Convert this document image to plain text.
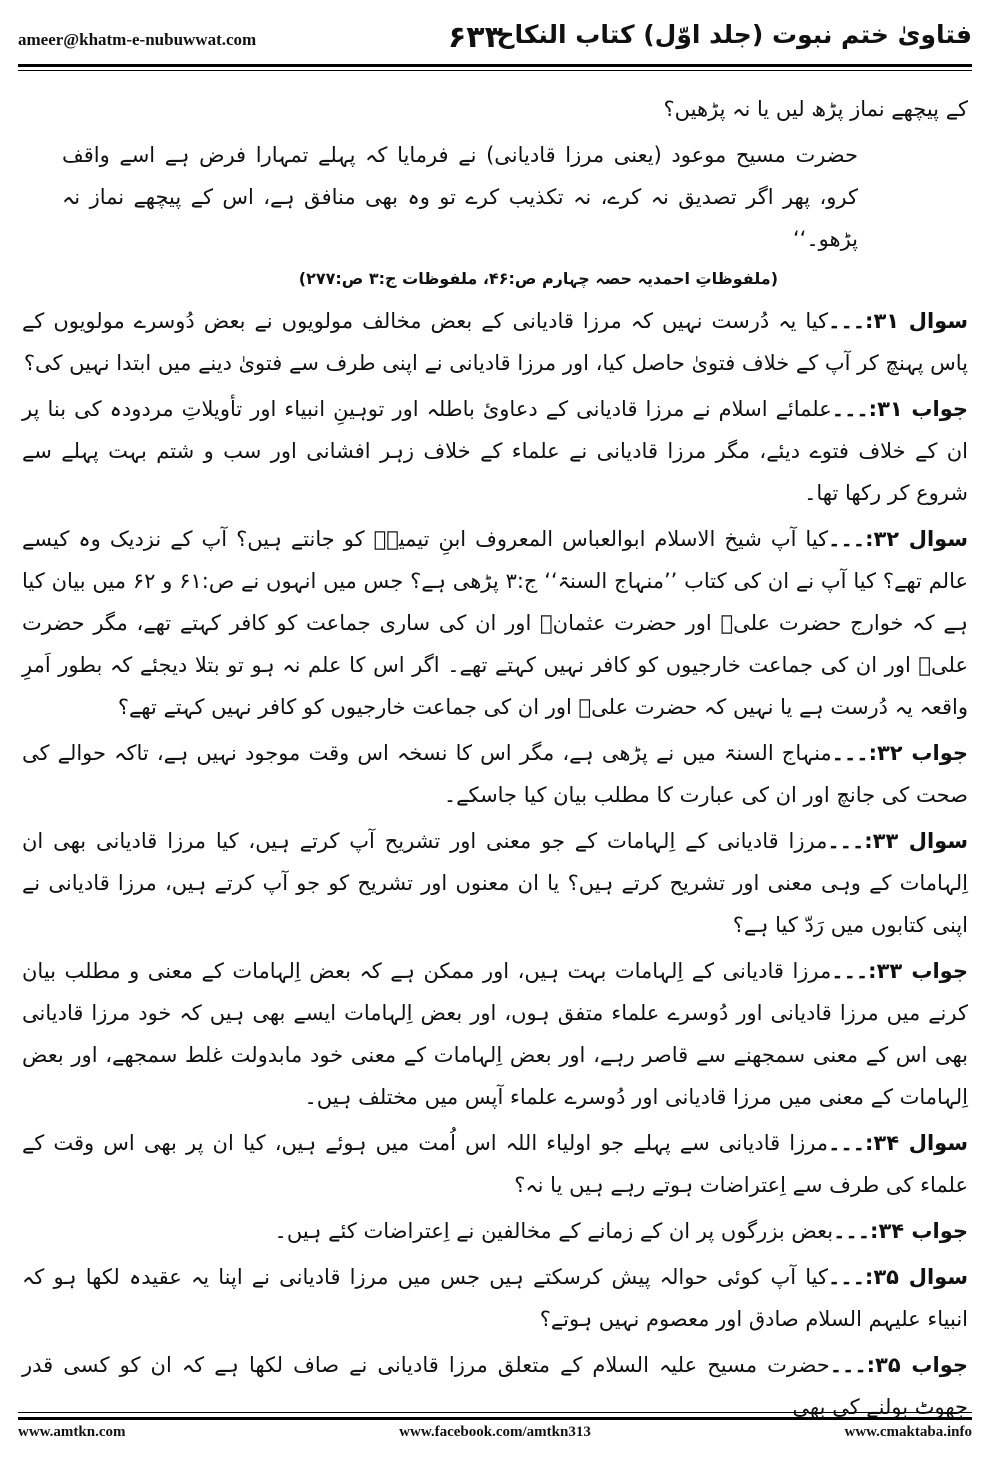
ameer@khatm-e-nubuwwat.com	۶۳۳
فتاویٰ ختم نبوت (جلد اوّل) کتاب النکاح

کے پیچھے نماز پڑھ لیں یا نہ پڑھیں؟

حضرت مسیح موعود (یعنی مرزا قادیانی) نے فرمایا کہ پہلے تمہارا فرض ہے اسے واقف کرو، پھر اگر تصدیق نہ کرے، نہ تکذیب کرے تو وہ بھی منافق ہے، اس کے پیچھے نماز نہ پڑھو۔‘‘

(ملفوظاتِ احمدیہ حصہ چہارم ص:۴۶، ملفوظات ج:۳ ص:۲۷۷)

سوال ۳۱:۔۔۔کیا یہ دُرست نہیں کہ مرزا قادیانی کے بعض مخالف مولویوں نے بعض دُوسرے مولویوں کے پاس پہنچ کر آپ کے خلاف فتویٰ حاصل کیا، اور مرزا قادیانی نے اپنی طرف سے فتویٰ دینے میں ابتدا نہیں کی؟

جواب ۳۱:۔۔۔علمائے اسلام نے مرزا قادیانی کے دعاویٔ باطلہ اور توہینِ انبیاء اور تأویلاتِ مردودہ کی بنا پر ان کے خلاف فتوے دیئے، مگر مرزا قادیانی نے علماء کے خلاف زہر افشانی اور سب و شتم بہت پہلے سے شروع کر رکھا تھا۔

سوال ۳۲:۔۔۔کیا آپ شیخ الاسلام ابوالعباس المعروف ابنِ تیمیہؒ کو جانتے ہیں؟ آپ کے نزدیک وہ کیسے عالم تھے؟ کیا آپ نے ان کی کتاب ’’منہاج السنۃ‘‘ ج:۳ پڑھی ہے؟ جس میں انہوں نے ص:۶۱ و ۶۲ میں بیان کیا ہے کہ خوارج حضرت علیؓ اور حضرت عثمانؓ اور ان کی ساری جماعت کو کافر کہتے تھے، مگر حضرت علیؓ اور ان کی جماعت خارجیوں کو کافر نہیں کہتے تھے۔ اگر اس کا علم نہ ہو تو بتلا دیجئے کہ بطور اَمرِ واقعہ یہ دُرست ہے یا نہیں کہ حضرت علیؓ اور ان کی جماعت خارجیوں کو کافر نہیں کہتے تھے؟

جواب ۳۲:۔۔۔منہاج السنۃ میں نے پڑھی ہے، مگر اس کا نسخہ اس وقت موجود نہیں ہے، تاکہ حوالے کی صحت کی جانچ اور ان کی عبارت کا مطلب بیان کیا جاسکے۔

سوال ۳۳:۔۔۔مرزا قادیانی کے اِلہامات کے جو معنی اور تشریح آپ کرتے ہیں، کیا مرزا قادیانی بھی ان اِلہامات کے وہی معنی اور تشریح کرتے ہیں؟ یا ان معنوں اور تشریح کو جو آپ کرتے ہیں، مرزا قادیانی نے اپنی کتابوں میں رَدّ کیا ہے؟

جواب ۳۳:۔۔۔مرزا قادیانی کے اِلہامات بہت ہیں، اور ممکن ہے کہ بعض اِلہامات کے معنی و مطلب بیان کرنے میں مرزا قادیانی اور دُوسرے علماء متفق ہوں، اور بعض اِلہامات ایسے بھی ہیں کہ خود مرزا قادیانی بھی اس کے معنی سمجھنے سے قاصر رہے، اور بعض اِلہامات کے معنی خود مابدولت غلط سمجھے، اور بعض اِلہامات کے معنی میں مرزا قادیانی اور دُوسرے علماء آپس میں مختلف ہیں۔

سوال ۳۴:۔۔۔مرزا قادیانی سے پہلے جو اولیاء اللہ اس اُمت میں ہوئے ہیں، کیا ان پر بھی اس وقت کے علماء کی طرف سے اِعتراضات ہوتے رہے ہیں یا نہ؟

جواب ۳۴:۔۔۔بعض بزرگوں پر ان کے زمانے کے مخالفین نے اِعتراضات کئے ہیں۔

سوال ۳۵:۔۔۔کیا آپ کوئی حوالہ پیش کرسکتے ہیں جس میں مرزا قادیانی نے اپنا یہ عقیدہ لکھا ہو کہ انبیاء علیہم السلام صادق اور معصوم نہیں ہوتے؟

جواب ۳۵:۔۔۔حضرت مسیح علیہ السلام کے متعلق مرزا قادیانی نے صاف لکھا ہے کہ ان کو کسی قدر جھوٹ بولنے کی بھی

www.amtkn.com	www.facebook.com/amtkn313	www.cmaktaba.info
